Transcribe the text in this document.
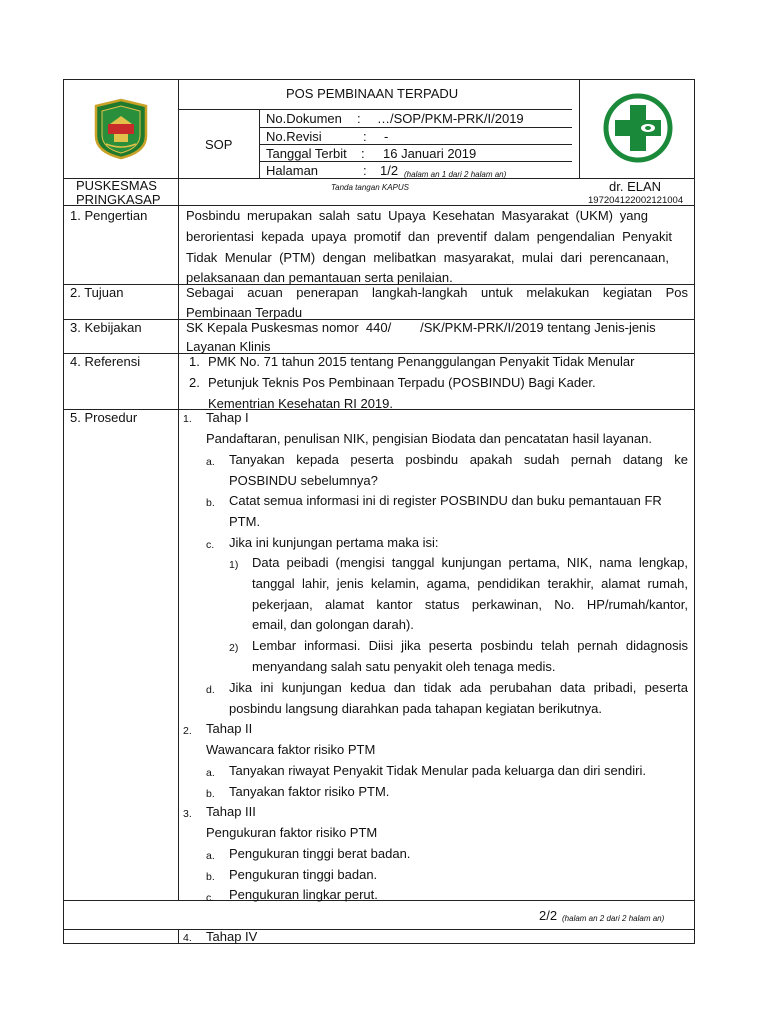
POS PEMBINAAN TERPADU
SOP
No.Dokumen : …/SOP/PKM-PRK/I/2019
No.Revisi	: -
Tanggal Terbit : 16 Januari 2019
Halaman	: 1/2 (halam an 1 dari 2 halam an)
PUSKESMAS
PRINGKASAP
Tanda tangan KAPUS	dr. ELAN
197204122002121004
1. Pengertian	Posbindu merupakan salah satu Upaya Kesehatan Masyarakat (UKM) yang
berorientasi kepada upaya promotif dan preventif dalam pengendalian Penyakit
Tidak Menular (PTM) dengan melibatkan masyarakat, mulai dari perencanaan,
pelaksanaan dan pemantauan serta penilaian.
2. Tujuan	Sebagai acuan penerapan langkah-langkah untuk melakukan kegiatan Pos
Pembinaan Terpadu
3. Kebijakan	SK Kepala Puskesmas nomor  440/        /SK/PKM-PRK/I/2019 tentang Jenis-jenis
Layanan Klinis
4. Referensi	1. PMK No. 71 tahun 2015 tentang Penanggulangan Penyakit Tidak Menular
2. Petunjuk Teknis Pos Pembinaan Terpadu (POSBINDU) Bagi Kader.
Kementrian Kesehatan RI 2019.
5. Prosedur	1. Tahap I
Pandaftaran, penulisan NIK, pengisian Biodata dan pencatatan hasil layanan.
a. Tanyakan kepada peserta posbindu apakah sudah pernah datang ke
POSBINDU sebelumnya?
b. Catat semua informasi ini di register POSBINDU dan buku pemantauan FR
PTM.
c. Jika ini kunjungan pertama maka isi:
1) Data peibadi (mengisi tanggal kunjungan pertama, NIK, nama lengkap,
tanggal lahir, jenis kelamin, agama, pendidikan terakhir, alamat rumah,
pekerjaan, alamat kantor status perkawinan, No. HP/rumah/kantor,
email, dan golongan darah).
2) Lembar informasi. Diisi jika peserta posbindu telah pernah didagnosis
menyandang salah satu penyakit oleh tenaga medis.
d. Jika ini kunjungan kedua dan tidak ada perubahan data pribadi, peserta
posbindu langsung diarahkan pada tahapan kegiatan berikutnya.
2. Tahap II
Wawancara faktor risiko PTM
a. Tanyakan riwayat Penyakit Tidak Menular pada keluarga dan diri sendiri.
b. Tanyakan faktor risiko PTM.
3. Tahap III
Pengukuran faktor risiko PTM
a. Pengukuran tinggi berat badan.
b. Pengukuran tinggi badan.
c. Pengukuran lingkar perut.
2/2 (halam an 2 dari 2 halam an)
4. Tahap IV
